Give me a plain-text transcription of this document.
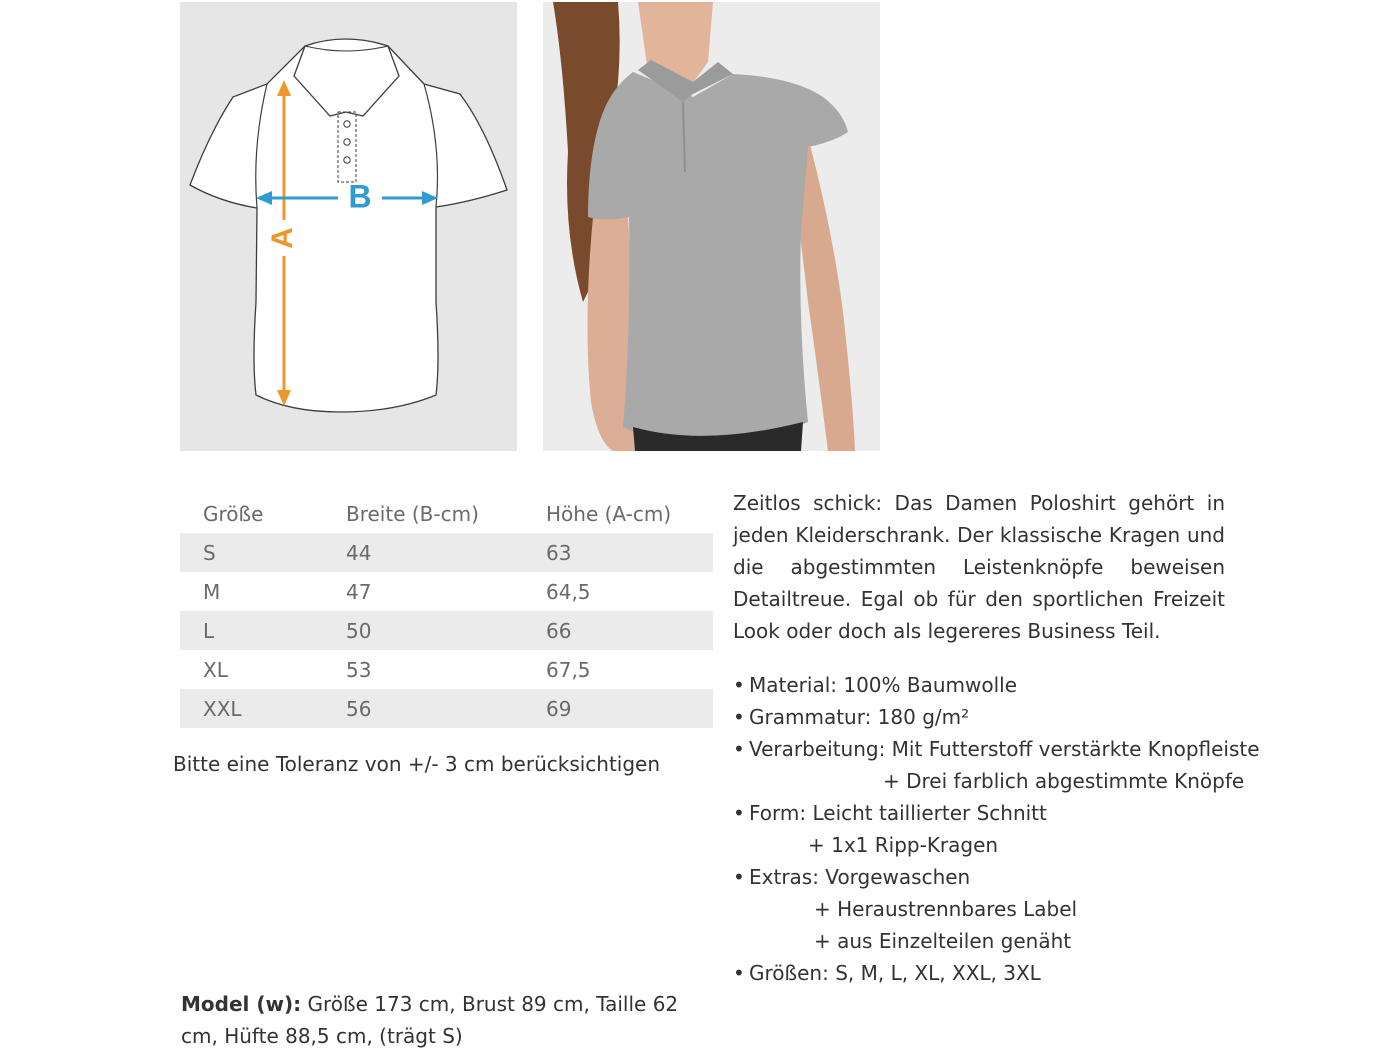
A
B
Größe	Breite (B-cm)	Höhe (A-cm)
S	44	63
M	47	64,5
L	50	66
XL	53	67,5
XXL	56	69
Bitte eine Toleranz von +/- 3 cm berücksichtigen
Model (w): Größe 173 cm, Brust 89 cm, Taille 62 cm, Hüfte 88,5 cm, (trägt S)
Zeitlos schick: Das Damen Poloshirt gehört in jeden Kleiderschrank. Der klassische Kragen und die abgestimmten Leistenknöpfe beweisen Detailtreue. Egal ob für den sportlichen Freizeit Look oder doch als legereres Business Teil.
• Material: 100% Baumwolle
• Grammatur: 180 g/m²
• Verarbeitung: Mit Futterstoff verstärkte Knopfleiste
+ Drei farblich abgestimmte Knöpfe
• Form: Leicht taillierter Schnitt
+ 1x1 Ripp-Kragen
• Extras: Vorgewaschen
+ Heraustrennbares Label
+ aus Einzelteilen genäht
• Größen: S, M, L, XL, XXL, 3XL
